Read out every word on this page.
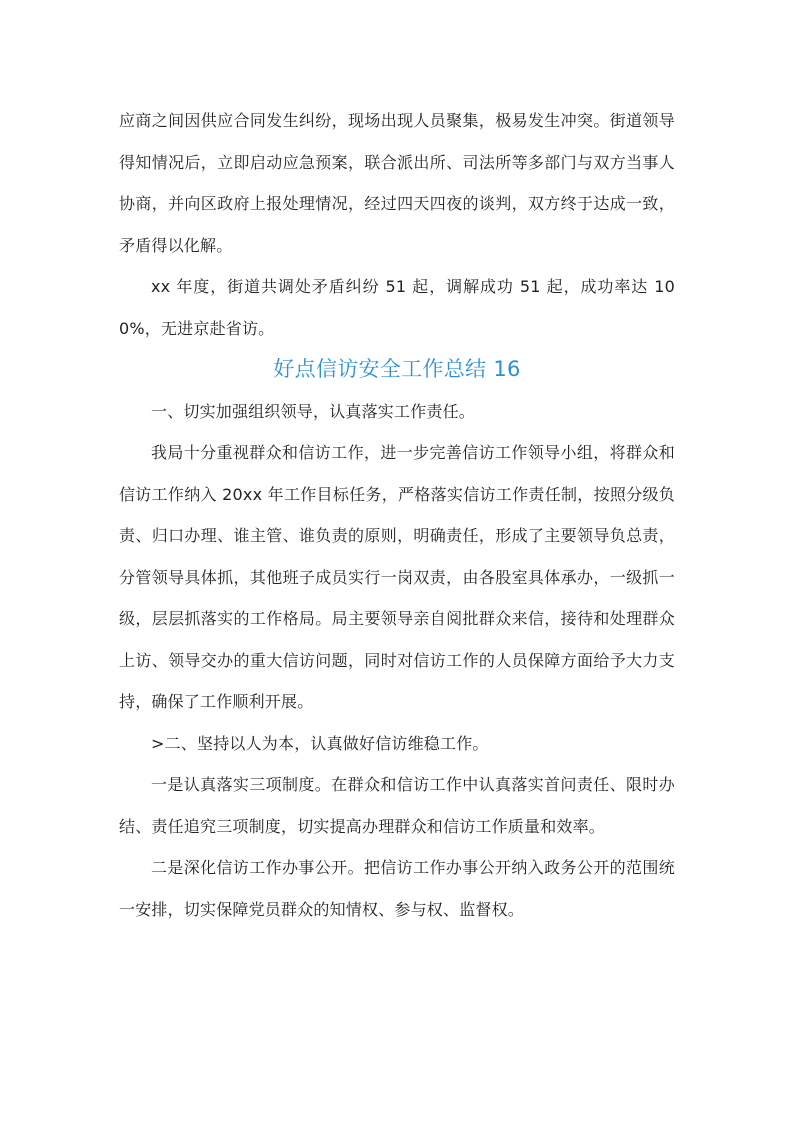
应商之间因供应合同发生纠纷，现场出现人员聚集，极易发生冲突。街道领导得知情况后，立即启动应急预案，联合派出所、司法所等多部门与双方当事人协商，并向区政府上报处理情况，经过四天四夜的谈判，双方终于达成一致，矛盾得以化解。

xx 年度，街道共调处矛盾纠纷 51 起，调解成功 51 起，成功率达 100%，无进京赴省访。

好点信访安全工作总结 16

一、切实加强组织领导，认真落实工作责任。

我局十分重视群众和信访工作，进一步完善信访工作领导小组，将群众和信访工作纳入 20xx 年工作目标任务，严格落实信访工作责任制，按照分级负责、归口办理、谁主管、谁负责的原则，明确责任，形成了主要领导负总责，分管领导具体抓，其他班子成员实行一岗双责，由各股室具体承办，一级抓一级，层层抓落实的工作格局。局主要领导亲自阅批群众来信，接待和处理群众上访、领导交办的重大信访问题，同时对信访工作的人员保障方面给予大力支持，确保了工作顺利开展。

>二、坚持以人为本，认真做好信访维稳工作。

一是认真落实三项制度。在群众和信访工作中认真落实首问责任、限时办结、责任追究三项制度，切实提高办理群众和信访工作质量和效率。

二是深化信访工作办事公开。把信访工作办事公开纳入政务公开的范围统一安排，切实保障党员群众的知情权、参与权、监督权。
